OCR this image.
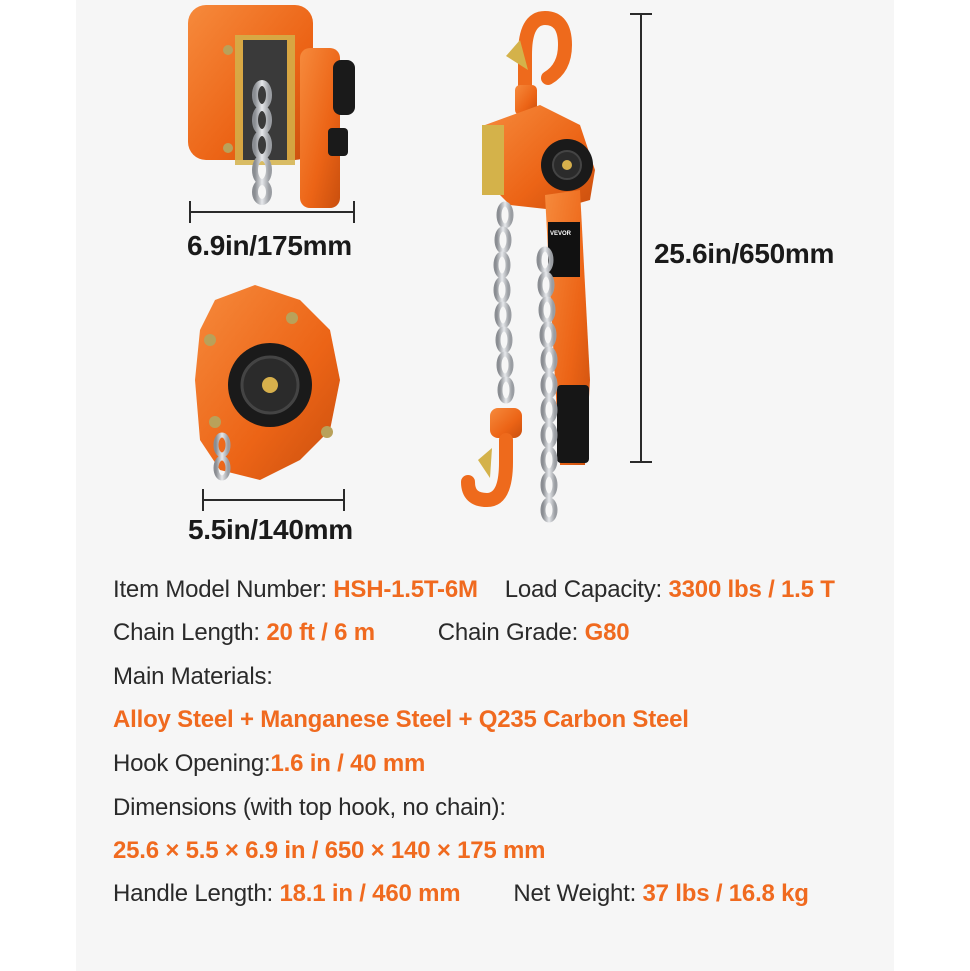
VEVOR
6.9in/175mm
5.5in/140mm
25.6in/650mm
Item Model Number: HSH-1.5T-6M Load Capacity: 3300 lbs / 1.5 T
Chain Length: 20 ft / 6 m	Chain Grade: G80
Main Materials:
Alloy Steel + Manganese Steel + Q235 Carbon Steel
Hook Opening:1.6 in / 40 mm
Dimensions (with top hook, no chain):
25.6 × 5.5 × 6.9 in / 650 × 140 × 175 mm
Handle Length: 18.1 in / 460 mm Net Weight: 37 lbs / 16.8 kg
